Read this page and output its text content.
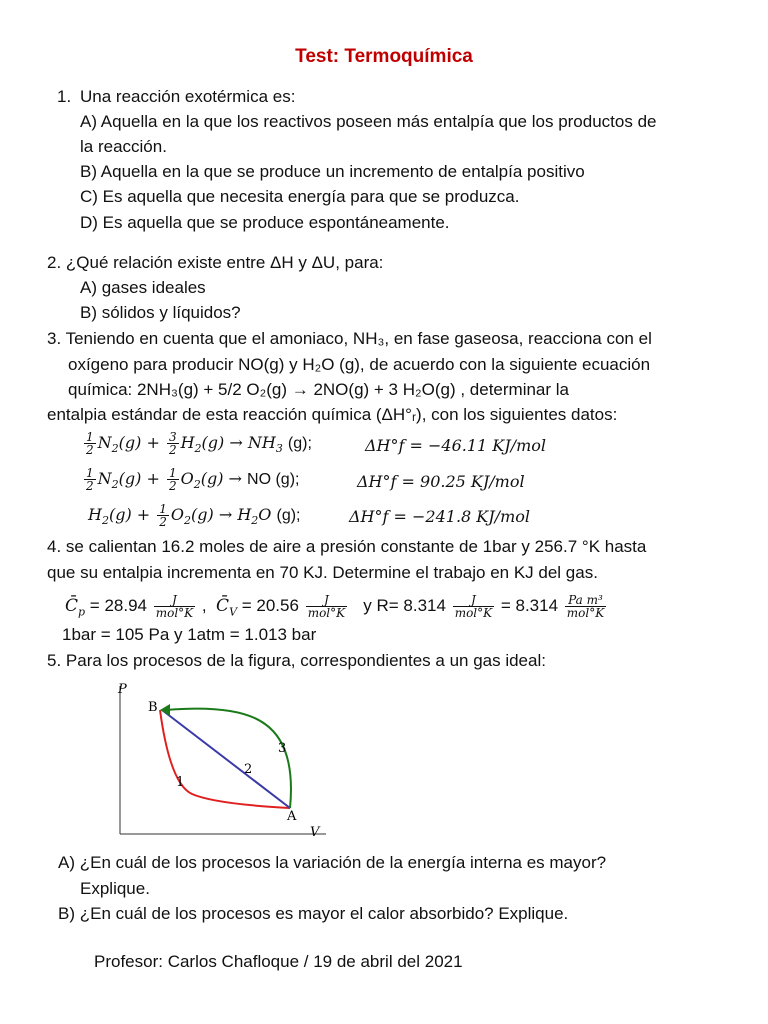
Test: Termoquímica
1. Una reacción exotérmica es:
A) Aquella en la que los reactivos poseen más entalpía que los productos de
la reacción.
B) Aquella en la que se produce un incremento de entalpía positivo
C) Es aquella que necesita energía para que se produzca.
D) Es aquella que se produce espontáneamente.
2. ¿Qué relación existe entre ΔH y ΔU, para:
A) gases ideales
B) sólidos y líquidos?
3. Teniendo en cuenta que el amoniaco, NH₃, en fase gaseosa, reacciona con el
oxígeno para producir NO(g) y H₂O (g), de acuerdo con la siguiente ecuación
química: 2NH₃(g) + 5/2 O₂(g) → 2NO(g) + 3 H₂O(g) , determinar la
entalpia estándar de esta reacción química (ΔH°ᵣ), con los siguientes datos:
$\frac{1}{2} N_2(g) + \frac{3}{2} H_2(g) \to NH_3$ (g);	ΔH°f = −46.11 KJ/mol
$\frac{1}{2} N_2(g) + \frac{1}{2} O_2(g)$ → NO (g);	ΔH°f = 90.25 KJ/mol
$H_2(g) + \frac{1}{2} O_2(g) \to H_2O$ (g);	ΔH°f = −241.8 KJ/mol
4. se calientan 16.2 moles de aire a presión constante de 1bar y 256.7 °K hasta
que su entalpia incrementa en 70 KJ. Determine el trabajo en KJ del gas.
$C̄_p = 28.94 \frac{J}{\text{mol°K}}$ ,  $C̄_V = 20.56 \frac{J}{\text{mol°K}}$ y $R= 8.314 \frac{J}{\text{mol°K}} = 8.314 \frac{\text{Pa m³}}{\text{mol°K}}$
1bar = 105 Pa y 1atm = 1.013 bar
5. Para los procesos de la figura, correspondientes a un gas ideal:
P
V
B
A
1
2
3
A) ¿En cuál de los procesos la variación de la energía interna es mayor?
Explique.
B) ¿En cuál de los procesos es mayor el calor absorbido? Explique.
Profesor: Carlos Chafloque / 19 de abril del 2021
